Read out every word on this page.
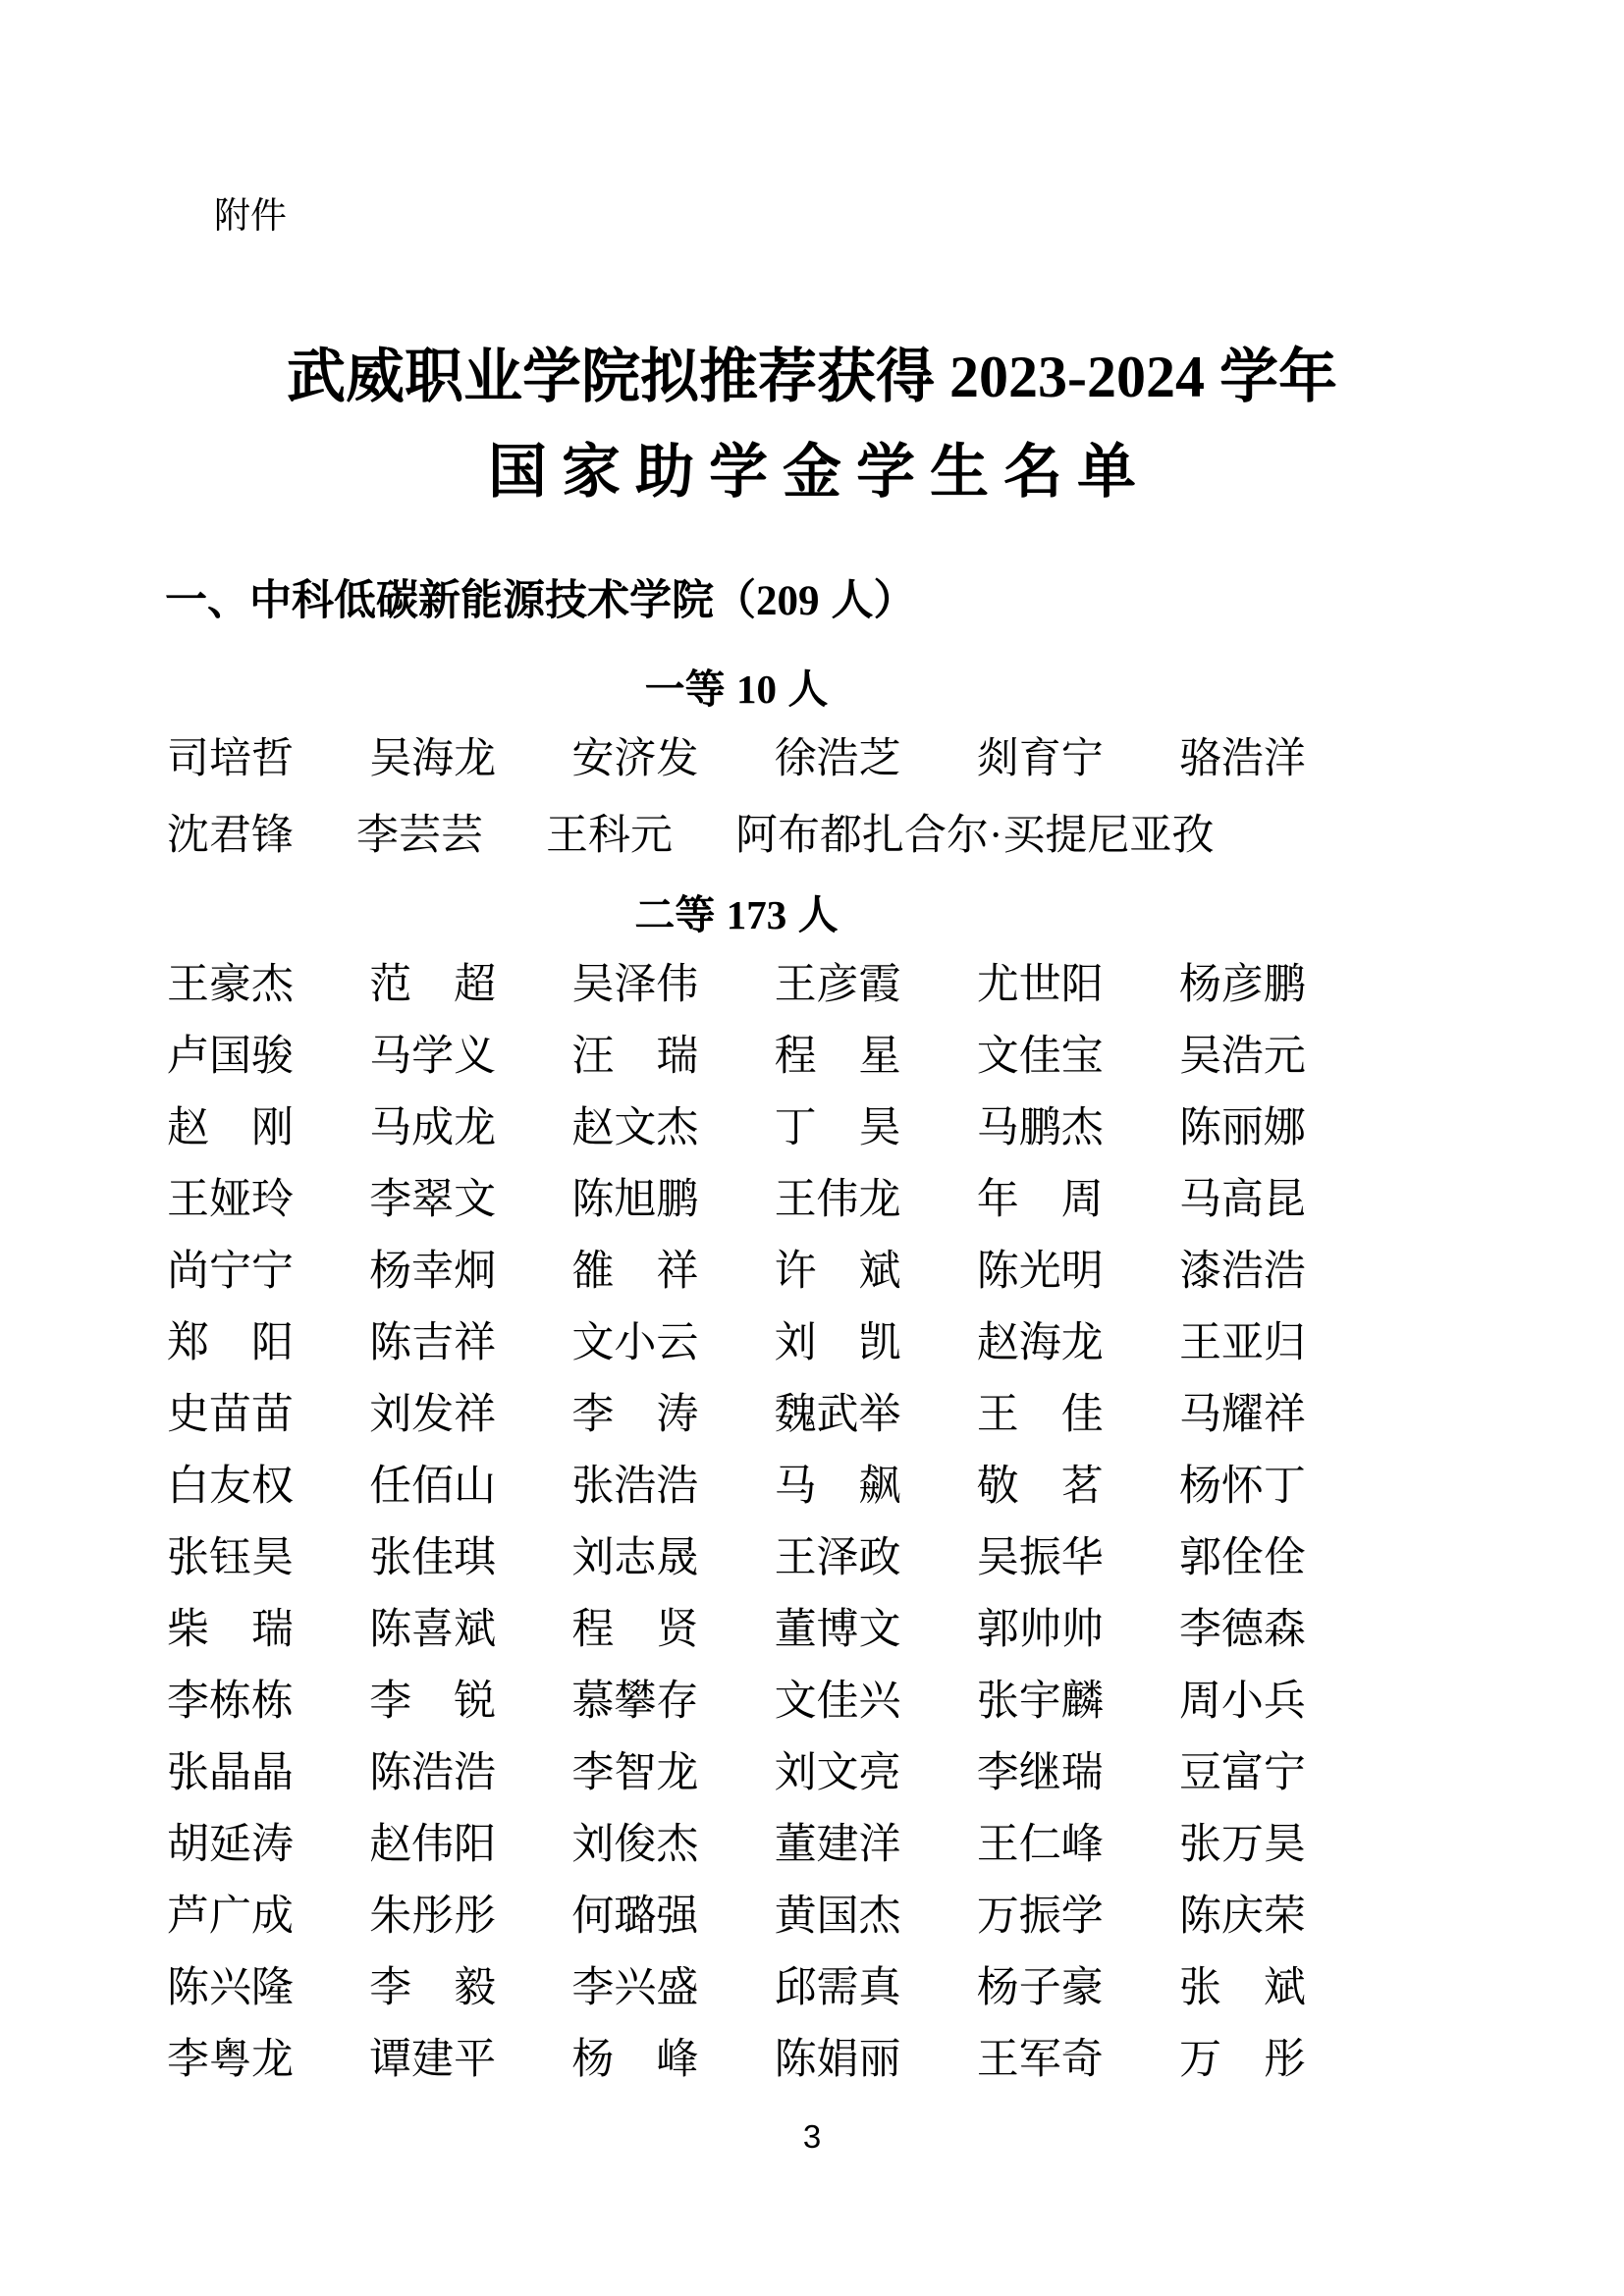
附件
武威职业学院拟推荐获得 2023-2024 学年
国家助学金学生名单
一、中科低碳新能源技术学院（209 人）
一等 10 人
司培哲 吴海龙 安济发 徐浩芝 剡育宁 骆浩洋
沈君锋 李芸芸 王科元 阿布都扎合尔·买提尼亚孜
二等 173 人
王豪杰 范　超 吴泽伟 王彦霞 尤世阳 杨彦鹏
卢国骏 马学义 汪　瑞 程　星 文佳宝 吴浩元
赵　刚 马成龙 赵文杰 丁　昊 马鹏杰 陈丽娜
王娅玲 李翠文 陈旭鹏 王伟龙 年　周 马高昆
尚宁宁 杨幸炯 雒　祥 许　斌 陈光明 漆浩浩
郑　阳 陈吉祥 文小云 刘　凯 赵海龙 王亚归
史苗苗 刘发祥 李　涛 魏武举 王　佳 马耀祥
白友权 任佰山 张浩浩 马　飙 敬　茗 杨怀丁
张钰昊 张佳琪 刘志晟 王泽政 吴振华 郭佺佺
柴　瑞 陈喜斌 程　贤 董博文 郭帅帅 李德森
李栋栋 李　锐 慕攀存 文佳兴 张宇麟 周小兵
张晶晶 陈浩浩 李智龙 刘文亮 李继瑞 豆富宁
胡延涛 赵伟阳 刘俊杰 董建洋 王仁峰 张万昊
芦广成 朱彤彤 何璐强 黄国杰 万振学 陈庆荣
陈兴隆 李　毅 李兴盛 邱需真 杨子豪 张　斌
李粤龙 谭建平 杨　峰 陈娟丽 王军奇 万　彤
3
